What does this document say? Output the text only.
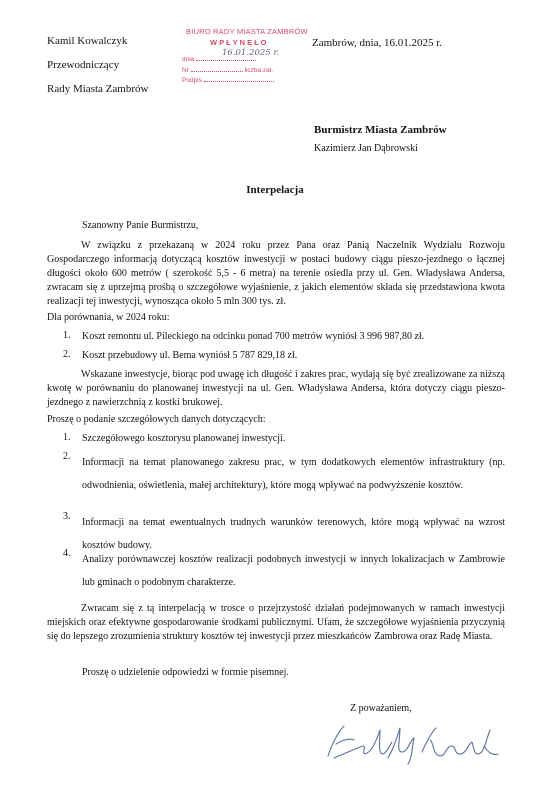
Kamil Kowalczyk
Przewodniczący
Rady Miasta Zambrów
BIURO RADY MIASTA ZAMBRÓW
WPŁYNĘŁO
dnia
16.01.2025 r.
Nr	liczba zał.
Podpis
Zambrów, dnia, 16.01.2025 r.
Burmistrz Miasta Zambrów
Kazimierz Jan Dąbrowski
Interpelacja
Szanowny Panie Burmistrzu,
W związku z przekazaną w 2024 roku przez Pana oraz Panią Naczelnik Wydziału Rozwoju Gospodarczego informacją dotyczącą kosztów inwestycji w postaci budowy ciągu pieszo-jezdnego o łącznej długości około 600 metrów ( szerokość 5,5 - 6 metra) na terenie osiedla przy ul. Gen. Władysława Andersa, zwracam się z uprzejmą prośbą o szczegółowe wyjaśnienie, z jakich elementów składa się przedstawiona kwota realizacji tej inwestycji, wynosząca około 5 mln 300 tys. zł.
Dla porównania, w 2024 roku:
1. Koszt remontu ul. Pileckiego na odcinku ponad 700 metrów wyniósł 3 996 987,80 zł.
2. Koszt przebudowy ul. Bema wyniósł 5 787 829,18 zł.
Wskazane inwestycje, biorąc pod uwagę ich długość i zakres prac, wydają się być zrealizowane za niższą kwotę w porównaniu do planowanej inwestycji na ul. Gen. Władysława Andersa, która dotyczy ciągu pieszo-jezdnego z nawierzchnią z kostki brukowej.
Proszę o podanie szczegółowych danych dotyczących:
1. Szczegółowego kosztorysu planowanej inwestycji.
2.
Informacji na temat planowanego zakresu prac, w tym dodatkowych elementów infrastruktury (np. odwodnienia, oświetlenia, małej architektury), które mogą wpływać na podwyższenie kosztów.
3.
Informacji na temat ewentualnych trudnych warunków terenowych, które mogą wpływać na wzrost kosztów budowy.
4.
Analizy porównawczej kosztów realizacji podobnych inwestycji w innych lokalizacjach w Zambrowie lub gminach o podobnym charakterze.
Zwracam się z tą interpelacją w trosce o przejrzystość działań podejmowanych w ramach inwestycji miejskich oraz efektywne gospodarowanie środkami publicznymi. Ufam, że szczegółowe wyjaśnienia przyczynią się do lepszego zrozumienia struktury kosztów tej inwestycji przez mieszkańców Zambrowa oraz Radę Miasta.
Proszę o udzielenie odpowiedzi w formie pisemnej.
Z poważaniem,
